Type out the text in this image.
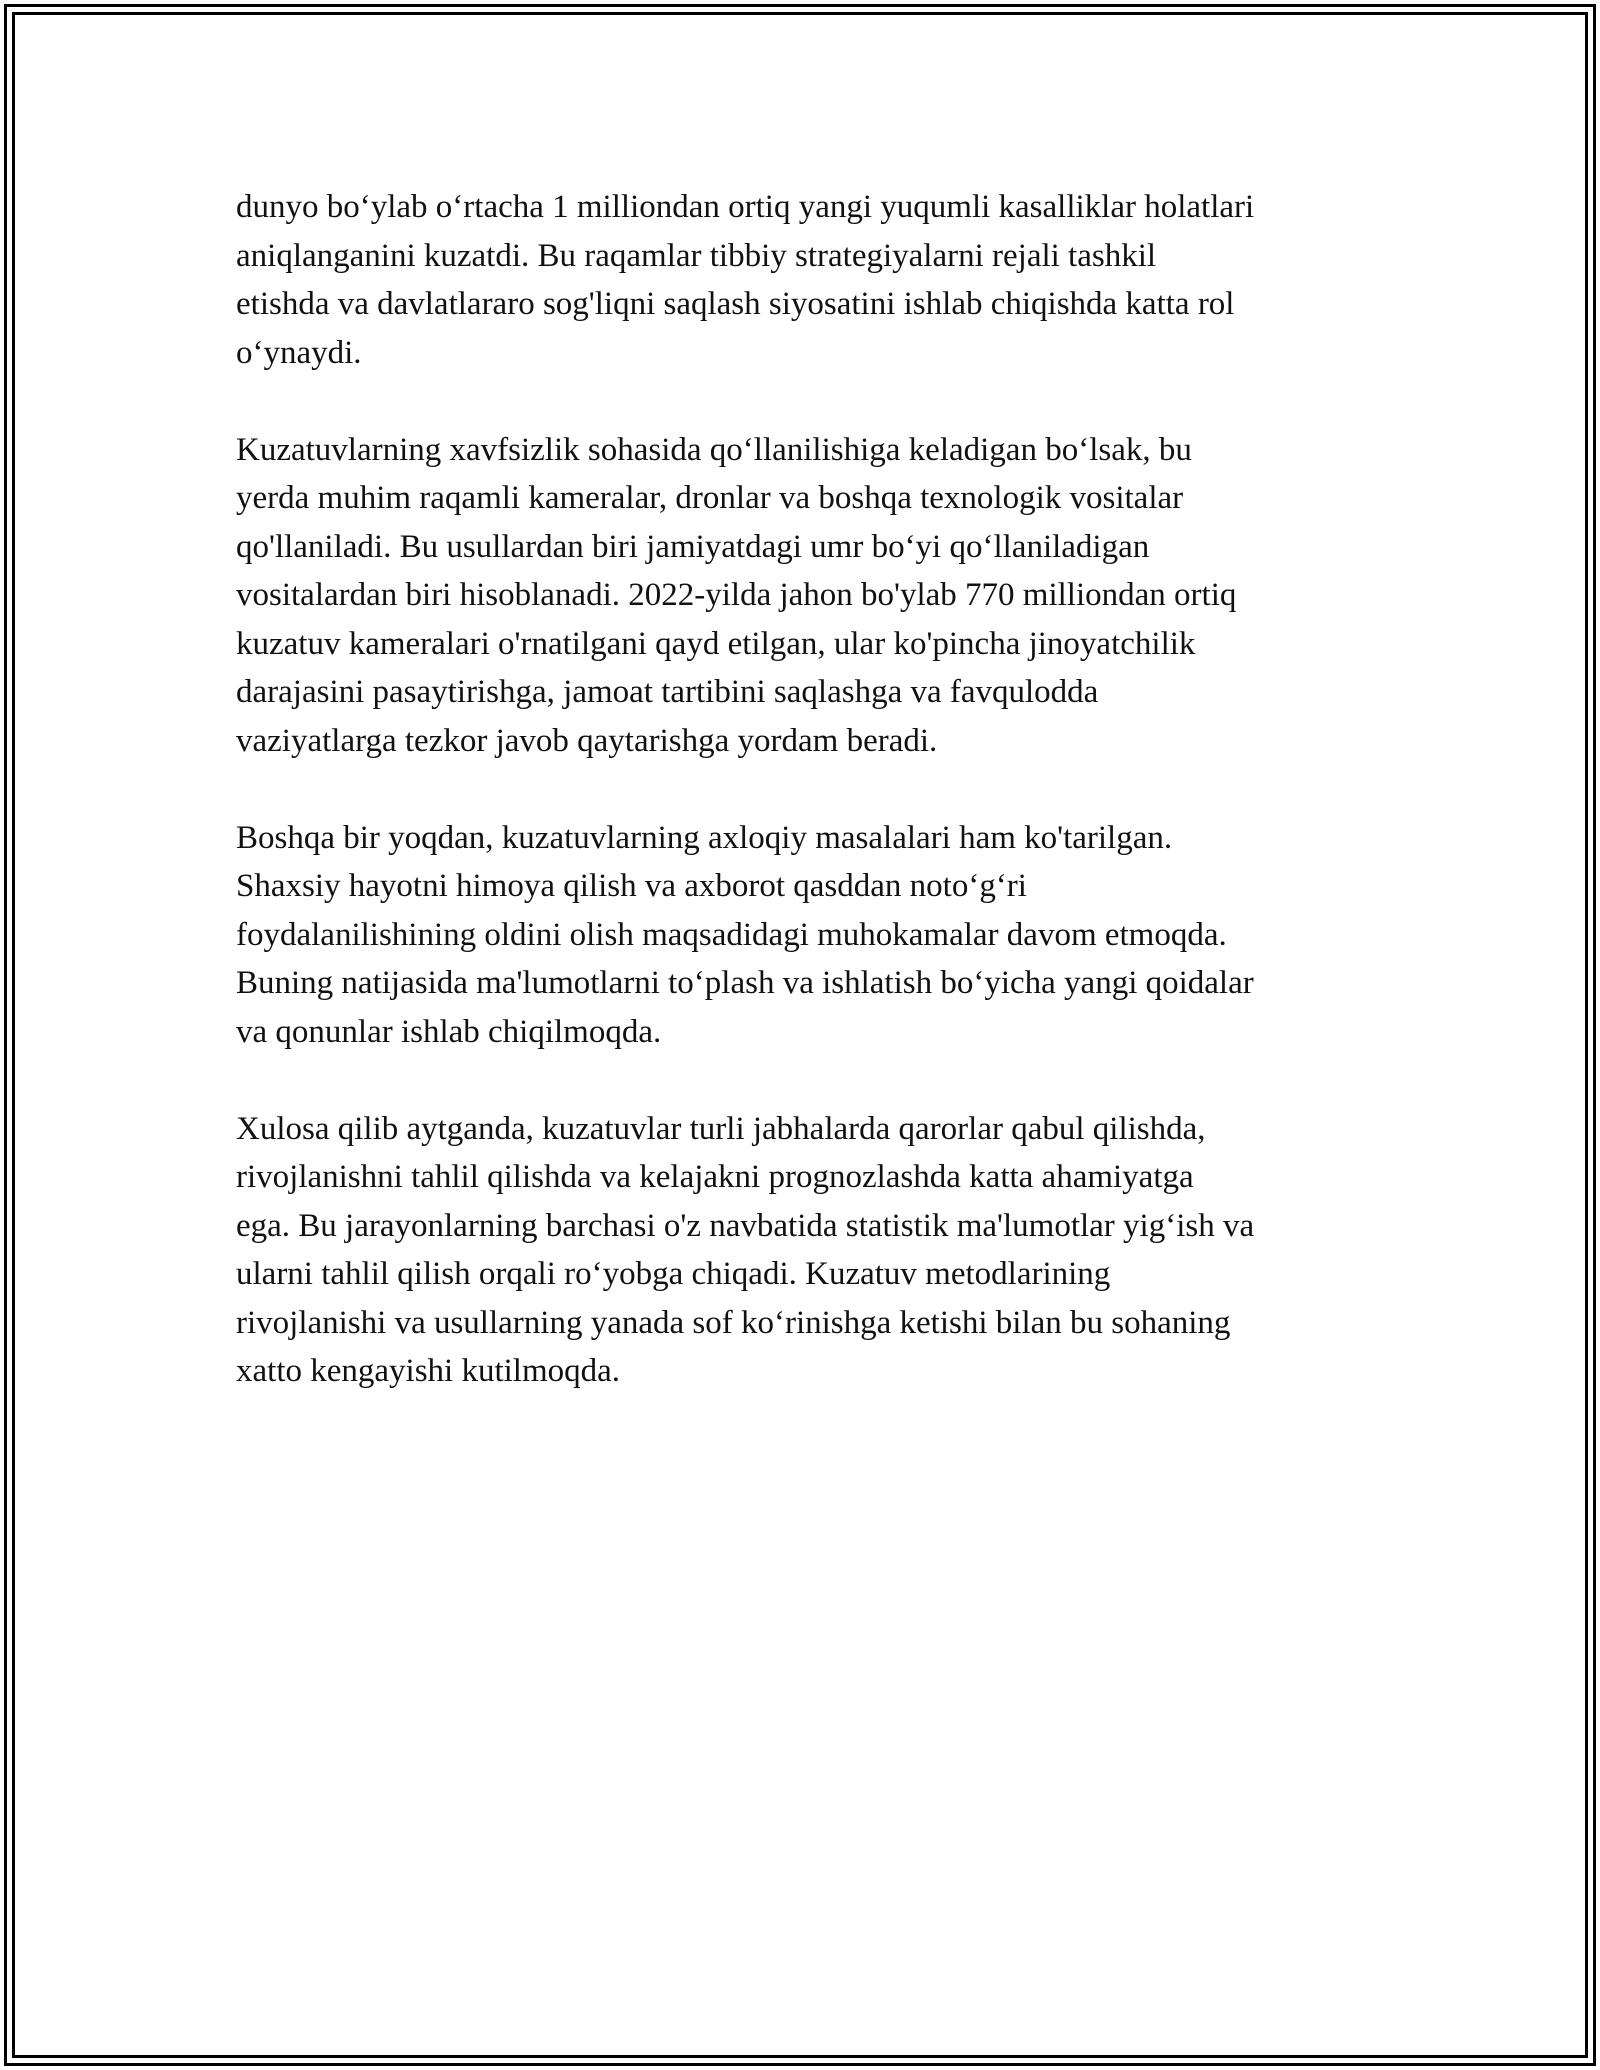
dunyo bo‘ylab o‘rtacha 1 milliondan ortiq yangi yuqumli kasalliklar holatlari
aniqlanganini kuzatdi. Bu raqamlar tibbiy strategiyalarni rejali tashkil
etishda va davlatlararo sog'liqni saqlash siyosatini ishlab chiqishda katta rol
o‘ynaydi.

Kuzatuvlarning xavfsizlik sohasida qo‘llanilishiga keladigan bo‘lsak, bu
yerda muhim raqamli kameralar, dronlar va boshqa texnologik vositalar
qo'llaniladi. Bu usullardan biri jamiyatdagi umr bo‘yi qo‘llaniladigan
vositalardan biri hisoblanadi. 2022-yilda jahon bo'ylab 770 milliondan ortiq
kuzatuv kameralari o'rnatilgani qayd etilgan, ular ko'pincha jinoyatchilik
darajasini pasaytirishga, jamoat tartibini saqlashga va favqulodda
vaziyatlarga tezkor javob qaytarishga yordam beradi.

Boshqa bir yoqdan, kuzatuvlarning axloqiy masalalari ham ko'tarilgan.
Shaxsiy hayotni himoya qilish va axborot qasddan noto‘g‘ri
foydalanilishining oldini olish maqsadidagi muhokamalar davom etmoqda.
Buning natijasida ma'lumotlarni to‘plash va ishlatish bo‘yicha yangi qoidalar
va qonunlar ishlab chiqilmoqda.

Xulosa qilib aytganda, kuzatuvlar turli jabhalarda qarorlar qabul qilishda,
rivojlanishni tahlil qilishda va kelajakni prognozlashda katta ahamiyatga
ega. Bu jarayonlarning barchasi o'z navbatida statistik ma'lumotlar yig‘ish va
ularni tahlil qilish orqali ro‘yobga chiqadi. Kuzatuv metodlarining
rivojlanishi va usullarning yanada sof ko‘rinishga ketishi bilan bu sohaning
xatto kengayishi kutilmoqda.
